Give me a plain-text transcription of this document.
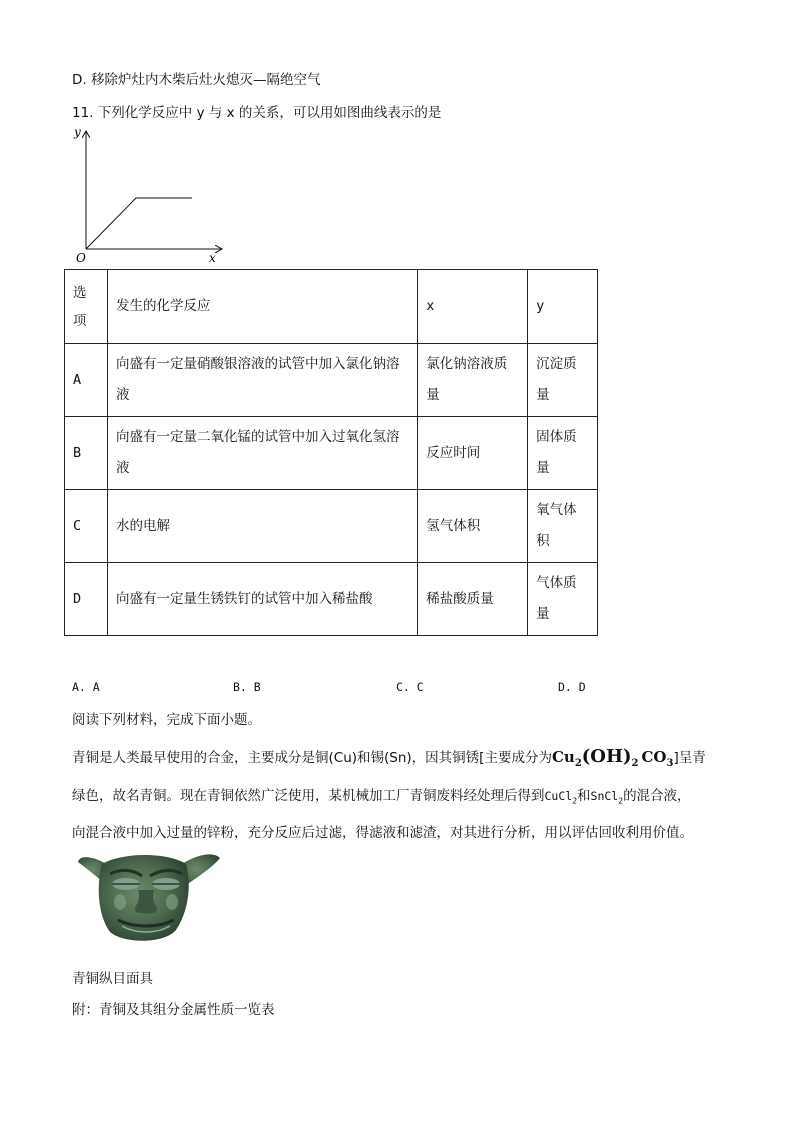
D. 移除炉灶内木柴后灶火熄灭—隔绝空气
11. 下列化学反应中 y 与 x 的关系，可以用如图曲线表示的是
y
x
O
选项	发生的化学反应	x	y
A	向盛有一定量硝酸银溶液的试管中加入氯化钠溶液	氯化钠溶液质量	沉淀质量
B	向盛有一定量二氧化锰的试管中加入过氧化氢溶液	反应时间	固体质量
C	水的电解	氢气体积	氧气体积
D	向盛有一定量生锈铁钉的试管中加入稀盐酸	稀盐酸质量	气体质量
A. A	B. B	C. C	D. D
阅读下列材料，完成下面小题。
青铜是人类最早使用的合金，主要成分是铜(Cu)和锡(Sn)，因其铜锈[主要成分为$Cu_2(OH)_2$ $CO_3$]呈青
绿色，故名青铜。现在青铜依然广泛使用，某机械加工厂青铜废料经处理后得到CuCl$_2$和SnCl$_2$的混合液，
向混合液中加入过量的锌粉，充分反应后过滤，得滤液和滤渣，对其进行分析，用以评估回收利用价值。
青铜纵目面具
附：青铜及其组分金属性质一览表
